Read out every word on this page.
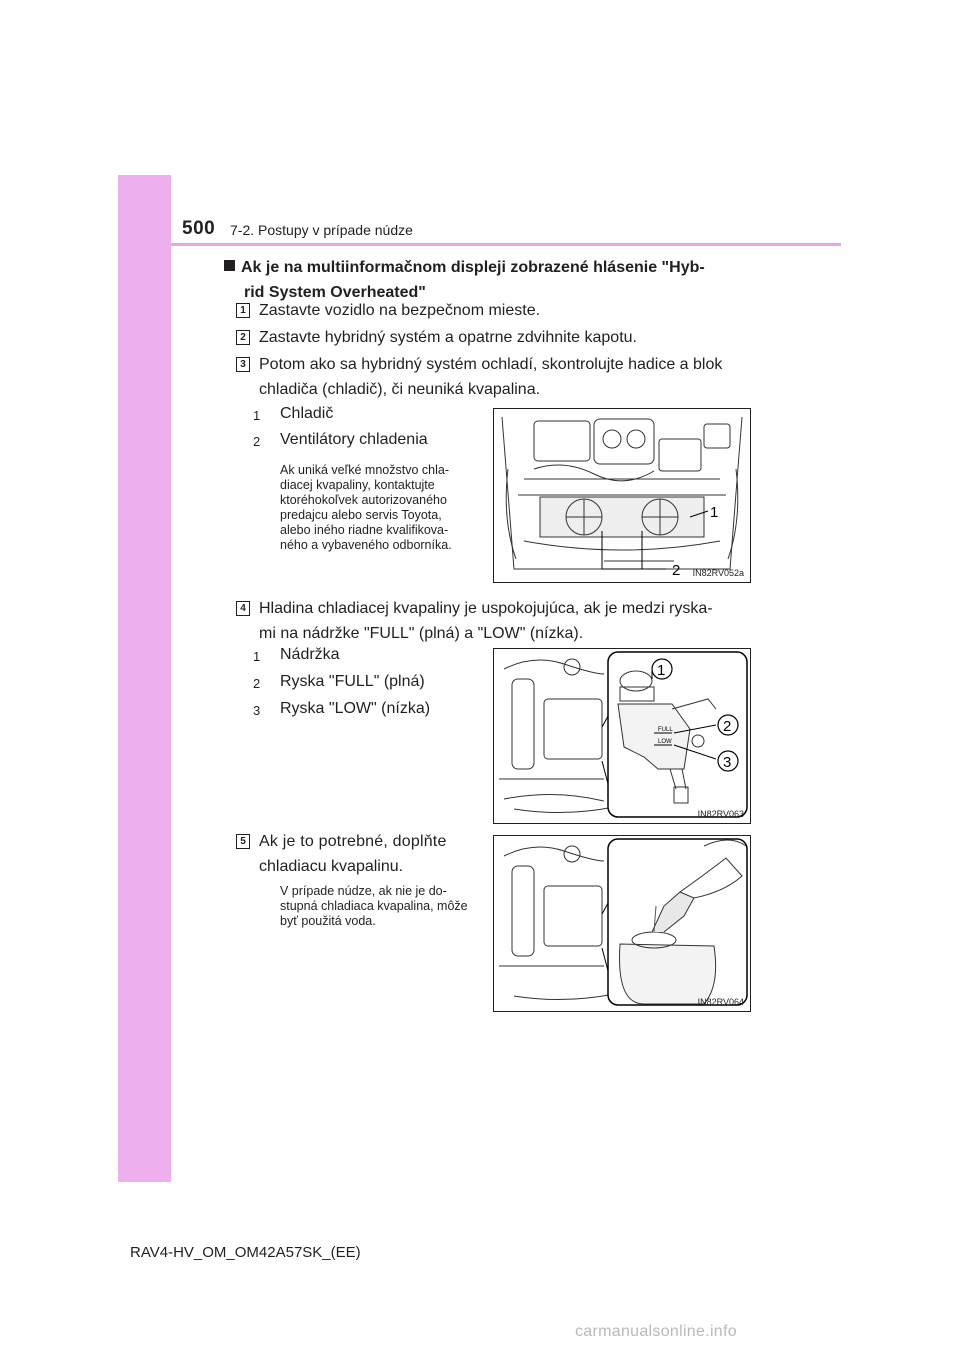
500 7-2. Postupy v prípade núdze
Ak je na multiinformačnom displeji zobrazené hlásenie "Hyb-
rid System Overheated"
1 Zastavte vozidlo na bezpečnom mieste.
2 Zastavte hybridný systém a opatrne zdvihnite kapotu.
3 Potom ako sa hybridný systém ochladí, skontrolujte hadice a blok
chladiča (chladič), či neuniká kvapalina.
1 Chladič
2 Ventilátory chladenia
Ak uniká veľké množstvo chla-
diacej kvapaliny, kontaktujte
ktoréhokoľvek autorizovaného
predajcu alebo servis Toyota,
alebo iného riadne kvalifikova-
ného a vybaveného odborníka.
1
2 IN82RV052a
4 Hladina chladiacej kvapaliny je uspokojujúca, ak je medzi ryska-
mi na nádržke "FULL" (plná) a "LOW" (nízka).
1 Nádržka
2 Ryska "FULL" (plná)
3 Ryska "LOW" (nízka)
FULL
LOW
1
2
3
IN82RV063
5 Ak je to potrebné, doplňte
chladiacu kvapalinu.
V prípade núdze, ak nie je do-
stupná chladiaca kvapalina, môže
byť použitá voda.
IN82RV064
RAV4-HV_OM_OM42A57SK_(EE)
carmanualsonline.info
